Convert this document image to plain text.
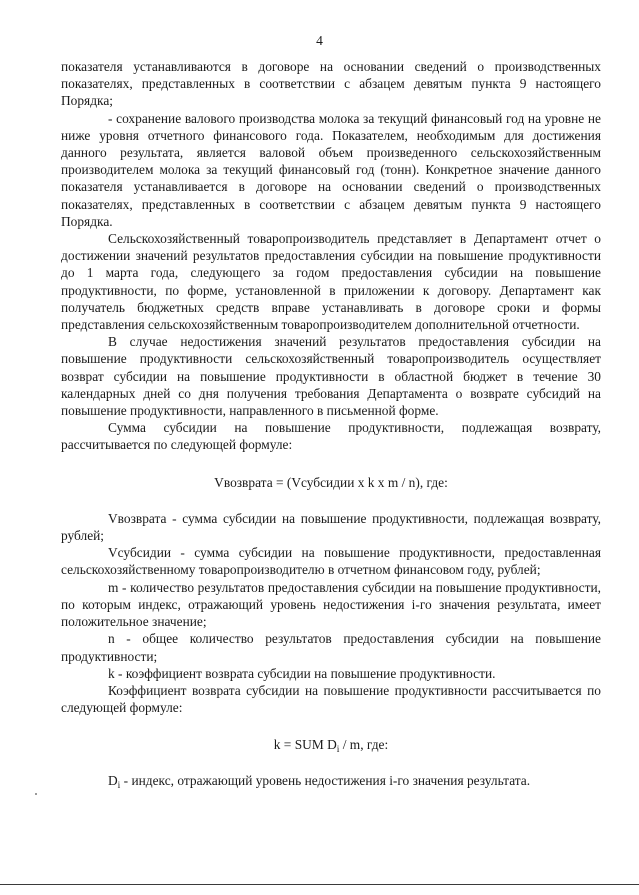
4

показателя устанавливаются в договоре на основании сведений о производственных показателях, представленных в соответствии с абзацем девятым пункта 9 настоящего Порядка;

- сохранение валового производства молока за текущий финансовый год на уровне не ниже уровня отчетного финансового года. Показателем, необходимым для достижения данного результата, является валовой объем произведенного сельскохозяйственным производителем молока за текущий финансовый год (тонн). Конкретное значение данного показателя устанавливается в договоре на основании сведений о производственных показателях, представленных в соответствии с абзацем девятым пункта 9 настоящего Порядка.

Сельскохозяйственный товаропроизводитель представляет в Департамент отчет о достижении значений результатов предоставления субсидии на повышение продуктивности до 1 марта года, следующего за годом предоставления субсидии на повышение продуктивности, по форме, установленной в приложении к договору. Департамент как получатель бюджетных средств вправе устанавливать в договоре сроки и формы представления сельскохозяйственным товаропроизводителем дополнительной отчетности.

В случае недостижения значений результатов предоставления субсидии на повышение продуктивности сельскохозяйственный товаропроизводитель осуществляет возврат субсидии на повышение продуктивности в областной бюджет в течение 30 календарных дней со дня получения требования Департамента о возврате субсидий на повышение продуктивности, направленного в письменной форме.

Сумма субсидии на повышение продуктивности, подлежащая возврату, рассчитывается по следующей формуле:

Vвозврата = (Vсубсидии x k x m / n), где:

Vвозврата - сумма субсидии на повышение продуктивности, подлежащая возврату, рублей;

Vсубсидии - сумма субсидии на повышение продуктивности, предоставленная сельскохозяйственному товаропроизводителю в отчетном финансовом году, рублей;

m - количество результатов предоставления субсидии на повышение продуктивности, по которым индекс, отражающий уровень недостижения i-го значения результата, имеет положительное значение;

n - общее количество результатов предоставления субсидии на повышение продуктивности;

k - коэффициент возврата субсидии на повышение продуктивности.

Коэффициент возврата субсидии на повышение продуктивности рассчитывается по следующей формуле:

k = SUM $D_i$ / m, где:

$D_i$ - индекс, отражающий уровень недостижения i-го значения результата.
